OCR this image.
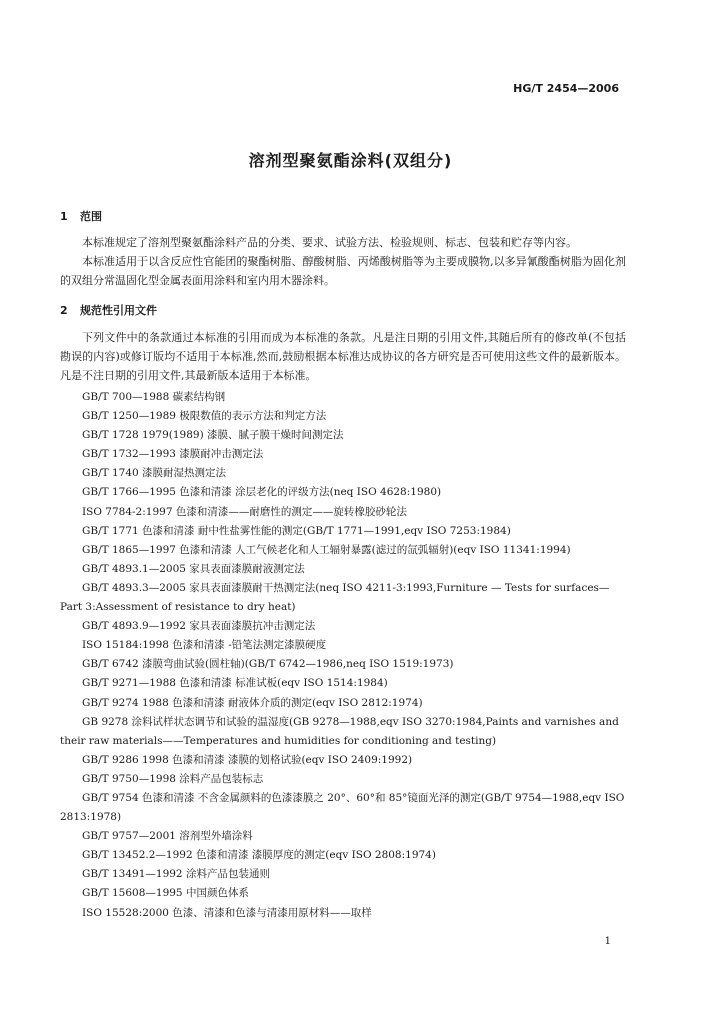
HG/T 2454—2006
溶剂型聚氨酯涂料(双组分)
1 范围
本标准规定了溶剂型聚氨酯涂料产品的分类、要求、试验方法、检验规则、标志、包装和贮存等内容。
本标准适用于以含反应性官能团的聚酯树脂、醇酸树脂、丙烯酸树脂等为主要成膜物,以多异氰酸酯树脂为固化剂的双组分常温固化型金属表面用涂料和室内用木器涂料。
2 规范性引用文件
下列文件中的条款通过本标准的引用而成为本标准的条款。凡是注日期的引用文件,其随后所有的修改单(不包括勘误的内容)或修订版均不适用于本标准,然而,鼓励根据本标准达成协议的各方研究是否可使用这些文件的最新版本。凡是不注日期的引用文件,其最新版本适用于本标准。
GB/T 700—1988 碳素结构钢
GB/T 1250—1989 极限数值的表示方法和判定方法
GB/T 1728 1979(1989) 漆膜、腻子膜干燥时间测定法
GB/T 1732—1993 漆膜耐冲击测定法
GB/T 1740 漆膜耐湿热测定法
GB/T 1766—1995 色漆和清漆 涂层老化的评级方法(neq ISO 4628:1980)
ISO 7784-2:1997 色漆和清漆——耐磨性的测定——旋转橡胶砂轮法
GB/T 1771 色漆和清漆 耐中性盐雾性能的测定(GB/T 1771—1991,eqv ISO 7253:1984)
GB/T 1865—1997 色漆和清漆 人工气候老化和人工辐射暴露(滤过的氙弧辐射)(eqv ISO 11341:1994)
GB/T 4893.1—2005 家具表面漆膜耐液测定法
GB/T 4893.3—2005 家具表面漆膜耐干热测定法(neq ISO 4211-3:1993,Furniture — Tests for surfaces—Part 3:Assessment of resistance to dry heat)
GB/T 4893.9—1992 家具表面漆膜抗冲击测定法
ISO 15184:1998 色漆和清漆 -铅笔法测定漆膜硬度
GB/T 6742 漆膜弯曲试验(圆柱轴)(GB/T 6742—1986,neq ISO 1519:1973)
GB/T 9271—1988 色漆和清漆 标准试板(eqv ISO 1514:1984)
GB/T 9274 1988 色漆和清漆 耐液体介质的测定(eqv ISO 2812:1974)
GB 9278 涂料试样状态调节和试验的温湿度(GB 9278—1988,eqv ISO 3270:1984,Paints and varnishes and their raw materials——Temperatures and humidities for conditioning and testing)
GB/T 9286 1998 色漆和清漆 漆膜的划格试验(eqv ISO 2409:1992)
GB/T 9750—1998 涂料产品包装标志
GB/T 9754 色漆和清漆 不含金属颜料的色漆漆膜之 20°、60°和 85°镜面光泽的测定(GB/T 9754—1988,eqv ISO 2813:1978)
GB/T 9757—2001 溶剂型外墙涂料
GB/T 13452.2—1992 色漆和清漆 漆膜厚度的测定(eqv ISO 2808:1974)
GB/T 13491—1992 涂料产品包装通则
GB/T 15608—1995 中国颜色体系
ISO 15528:2000 色漆、清漆和色漆与清漆用原材料——取样
1
